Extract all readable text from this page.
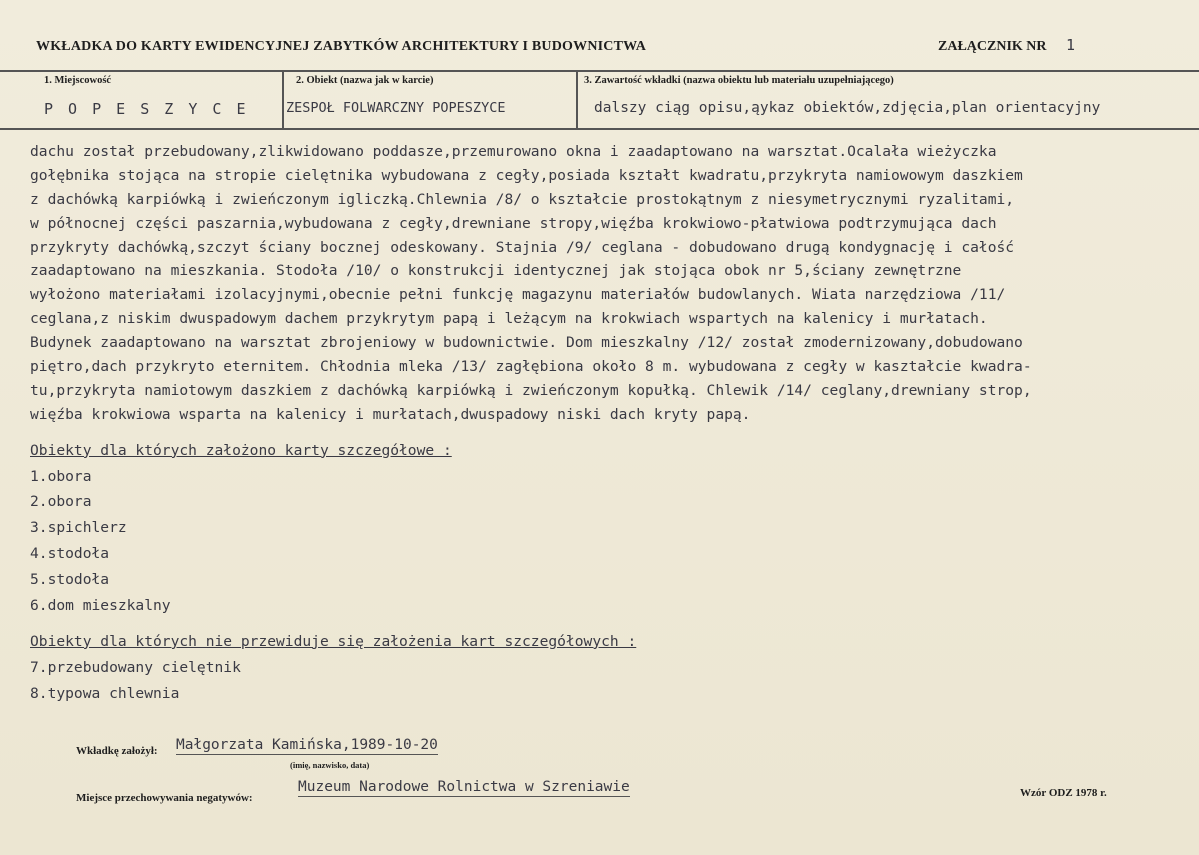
WKŁADKA DO KARTY EWIDENCYJNEJ ZABYTKÓW ARCHITEKTURY I BUDOWNICTWA	ZAŁĄCZNIK NR 1
1. Miejscowość
P O P E S Z Y C E
2. Obiekt (nazwa jak w karcie)
ZESPOŁ FOLWARCZNY POPESZYCE
3. Zawartość wkładki (nazwa obiektu lub materiału uzupełniającego)
dalszy ciąg opisu,ąykaz obiektów,zdjęcia,plan orientacyjny
dachu został przebudowany,zlikwidowano poddasze,przemurowano okna i zaadaptowano na warsztat.Ocalała wieżyczka
gołębnika stojąca na stropie cielętnika wybudowana z cegły,posiada kształt kwadratu,przykryta namiowowym daszkiem
z dachówką karpiówką i zwieńczonym igliczką.Chlewnia /8/ o kształcie prostokątnym z niesymetrycznymi ryzalitami,
w północnej części paszarnia,wybudowana z cegły,drewniane stropy,więźba krokwiowo-płatwiowa podtrzymująca dach
przykryty dachówką,szczyt ściany bocznej odeskowany. Stajnia /9/ ceglana - dobudowano drugą kondygnację i całość
zaadaptowano na mieszkania. Stodoła /10/ o konstrukcji identycznej jak stojąca obok nr 5,ściany zewnętrzne
wyłożono materiałami izolacyjnymi,obecnie pełni funkcję magazynu materiałów budowlanych. Wiata narzędziowa /11/
ceglana,z niskim dwuspadowym dachem przykrytym papą i leżącym na krokwiach wspartych na kalenicy i murłatach.
Budynek zaadaptowano na warsztat zbrojeniowy w budownictwie. Dom mieszkalny /12/ został zmodernizowany,dobudowano
piętro,dach przykryto eternitem. Chłodnia mleka /13/ zagłębiona około 8 m. wybudowana z cegły w kaształcie kwadra-
tu,przykryta namiotowym daszkiem z dachówką karpiówką i zwieńczonym kopułką. Chlewik /14/ ceglany,drewniany strop,
więźba krokwiowa wsparta na kalenicy i murłatach,dwuspadowy niski dach kryty papą.
Obiekty dla których założono karty szczegółowe :
1.obora
2.obora
3.spichlerz
4.stodoła
5.stodoła
6.dom mieszkalny
Obiekty dla których nie przewiduje się założenia kart szczegółowych :
7.przebudowany cielętnik
8.typowa chlewnia
Wkładkę założył: Małgorzata Kamińska,1989-10-20
(imię, nazwisko, data)
Miejsce przechowywania negatywów:
Muzeum Narodowe Rolnictwa w Szreniawie	Wzór ODZ 1978 r.
